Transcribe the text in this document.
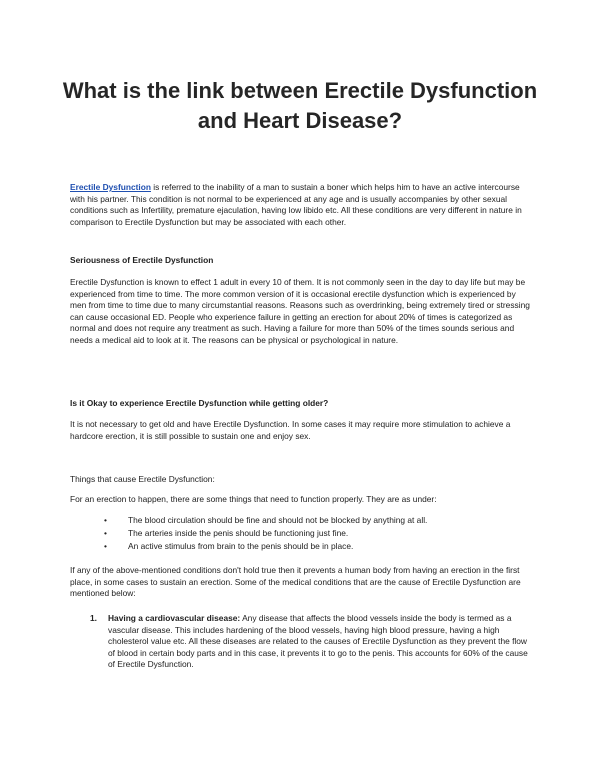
What is the link between Erectile Dysfunction and Heart Disease?

Erectile Dysfunction is referred to the inability of a man to sustain a boner which helps him to have an active intercourse with his partner. This condition is not normal to be experienced at any age and is usually accompanies by other sexual conditions such as Infertility, premature ejaculation, having low libido etc. All these conditions are very different in nature in comparison to Erectile Dysfunction but may be associated with each other.

Seriousness of Erectile Dysfunction

Erectile Dysfunction is known to effect 1 adult in every 10 of them. It is not commonly seen in the day to day life but may be experienced from time to time. The more common version of it is occasional erectile dysfunction which is experienced by men from time to time due to many circumstantial reasons. Reasons such as overdrinking, being extremely tired or stressing can cause occasional ED. People who experience failure in getting an erection for about 20% of times is categorized as normal and does not require any treatment as such. Having a failure for more than 50% of the times sounds serious and needs a medical aid to look at it. The reasons can be physical or psychological in nature.

Is it Okay to experience Erectile Dysfunction while getting older?

It is not necessary to get old and have Erectile Dysfunction. In some cases it may require more stimulation to achieve a hardcore erection, it is still possible to sustain one and enjoy sex.

Things that cause Erectile Dysfunction:

For an erection to happen, there are some things that need to function properly. They are as under:

• The blood circulation should be fine and should not be blocked by anything at all.
• The arteries inside the penis should be functioning just fine.
• An active stimulus from brain to the penis should be in place.

If any of the above-mentioned conditions don't hold true then it prevents a human body from having an erection in the first place, in some cases to sustain an erection. Some of the medical conditions that are the cause of Erectile Dysfunction are mentioned below:

1. Having a cardiovascular disease: Any disease that affects the blood vessels inside the body is termed as a vascular disease. This includes hardening of the blood vessels, having high blood pressure, having a high cholesterol value etc. All these diseases are related to the causes of Erectile Dysfunction as they prevent the flow of blood in certain body parts and in this case, it prevents it to go to the penis. This accounts for 60% of the cause of Erectile Dysfunction.
